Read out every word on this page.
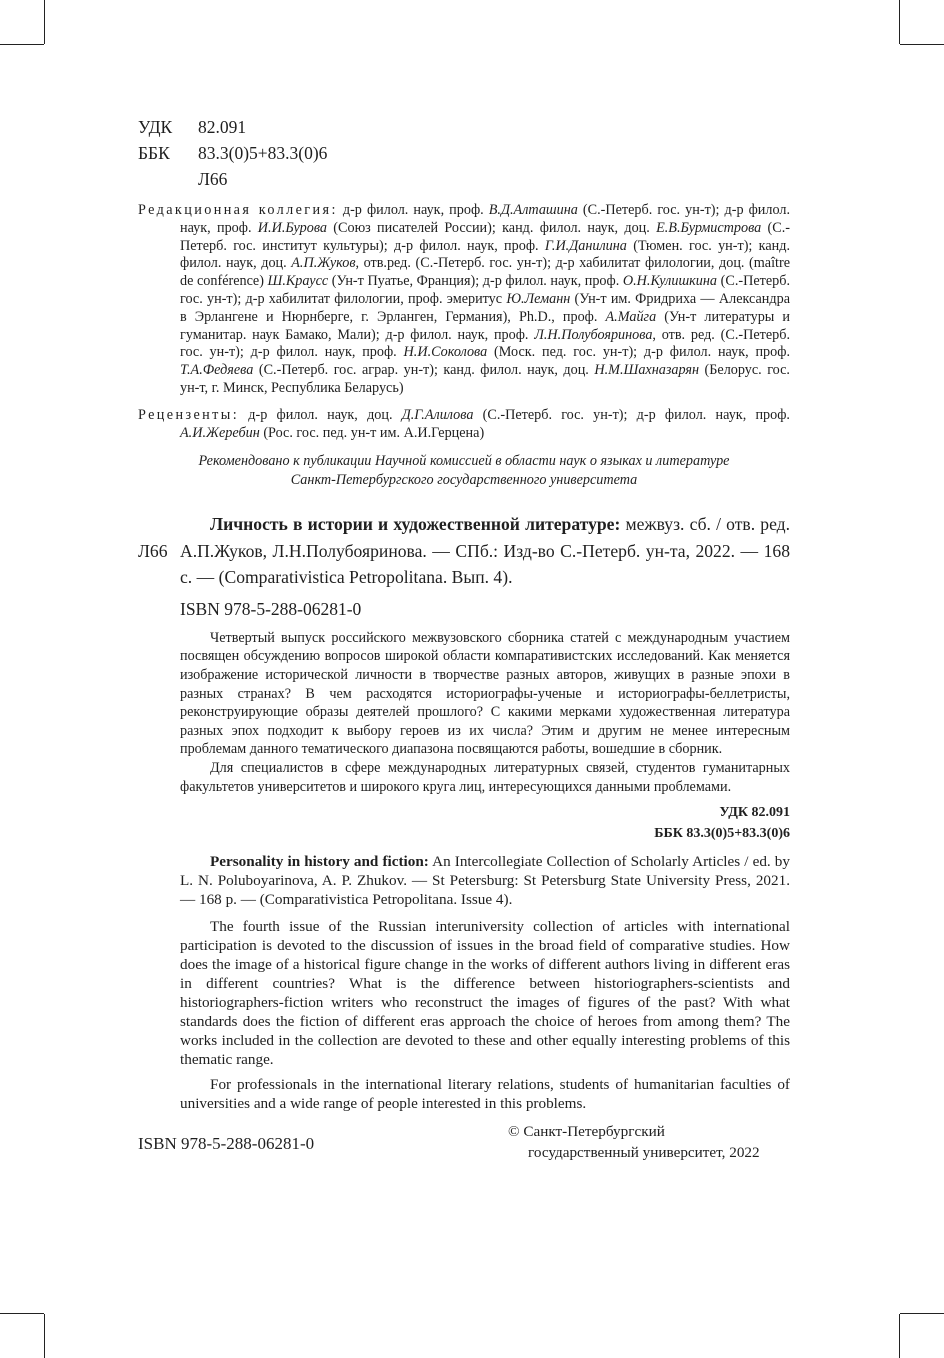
УДК	82.091
ББК	83.3(0)5+83.3(0)6
Л66

Редакционная коллегия: д-р филол. наук, проф. В.Д.Алташина (С.-Петерб. гос. ун-т); д-р филол. наук, проф. И.И.Бурова (Союз писателей России); канд. филол. наук, доц. Е.В.Бурмистрова (С.-Петерб. гос. институт культуры); д-р филол. наук, проф. Г.И.Данилина (Тюмен. гос. ун-т); канд. филол. наук, доц. А.П.Жуков, отв.ред. (С.-Петерб. гос. ун-т); д-р хабилитат филологии, доц. (maître de conférence) Ш.Краусс (Ун-т Пуатье, Франция); д-р филол. наук, проф. О.Н.Кулишкина (С.-Петерб. гос. ун-т); д-р хабилитат филологии, проф. эмеритус Ю.Леманн (Ун-т им. Фридриха — Александра в Эрлангене и Нюрнберге, г. Эрланген, Германия), Ph.D., проф. А.Майга (Ун-т литературы и гуманитар. наук Бамако, Мали); д-р филол. наук, проф. Л.Н.Полубояринова, отв. ред. (С.-Петерб. гос. ун-т); д-р филол. наук, проф. Н.И.Соколова (Моск. пед. гос. ун-т); д-р филол. наук, проф. Т.А.Федяева (С.-Петерб. гос. аграр. ун-т); канд. филол. наук, доц. Н.М.Шахназарян (Белорус. гос. ун-т, г. Минск, Республика Беларусь)

Рецензенты: д-р филол. наук, доц. Д.Г.Алилова (С.-Петерб. гос. ун-т); д-р филол. наук, проф. А.И.Жеребин (Рос. гос. пед. ун-т им. А.И.Герцена)

Рекомендовано к публикации Научной комиссией в области наук о языках и литературе
Санкт-Петербургского государственного университета
Л66

Личность в истории и художественной литературе: межвуз. сб. / отв. ред. А.П.Жуков, Л.Н.Полубояринова. — СПб.: Изд-во С.-Петерб. ун-та, 2022. — 168 с. — (Comparativistica Petropolitana. Вып. 4).

ISBN 978-5-288-06281-0

Четвертый выпуск российского межвузовского сборника статей с международным участием посвящен обсуждению вопросов широкой области компаративистских исследований. Как меняется изображение исторической личности в творчестве разных авторов, живущих в разные эпохи в разных странах? В чем расходятся историографы-ученые и историографы-беллетристы, реконструирующие образы деятелей прошлого? С какими мерками художественная литература разных эпох подходит к выбору героев из их числа? Этим и другим не менее интересным проблемам данного тематического диапазона посвящаются работы, вошедшие в сборник.

Для специалистов в сфере международных литературных связей, студентов гуманитарных факультетов университетов и широкого круга лиц, интересующихся данными проблемами.

УДК 82.091
ББК 83.3(0)5+83.3(0)6

Personality in history and fiction: An Intercollegiate Collection of Scholarly Articles / ed. by L. N. Poluboyarinova, A. P. Zhukov. — St Petersburg: St Petersburg State University Press, 2021. — 168 p. — (Comparativistica Petropolitana. Issue 4).

The fourth issue of the Russian interuniversity collection of articles with international participation is devoted to the discussion of issues in the broad field of comparative studies. How does the image of a historical figure change in the works of different authors living in different eras in different countries? What is the difference between historiographers-scientists and historiographers-fiction writers who reconstruct the images of figures of the past? With what standards does the fiction of different eras approach the choice of heroes from among them? The works included in the collection are devoted to these and other equally interesting problems of this thematic range.

For professionals in the international literary relations, students of humanitarian faculties of universities and a wide range of people interested in this problems.

ISBN 978-5-288-06281-0
© Санкт-Петербургский
государственный университет, 2022
